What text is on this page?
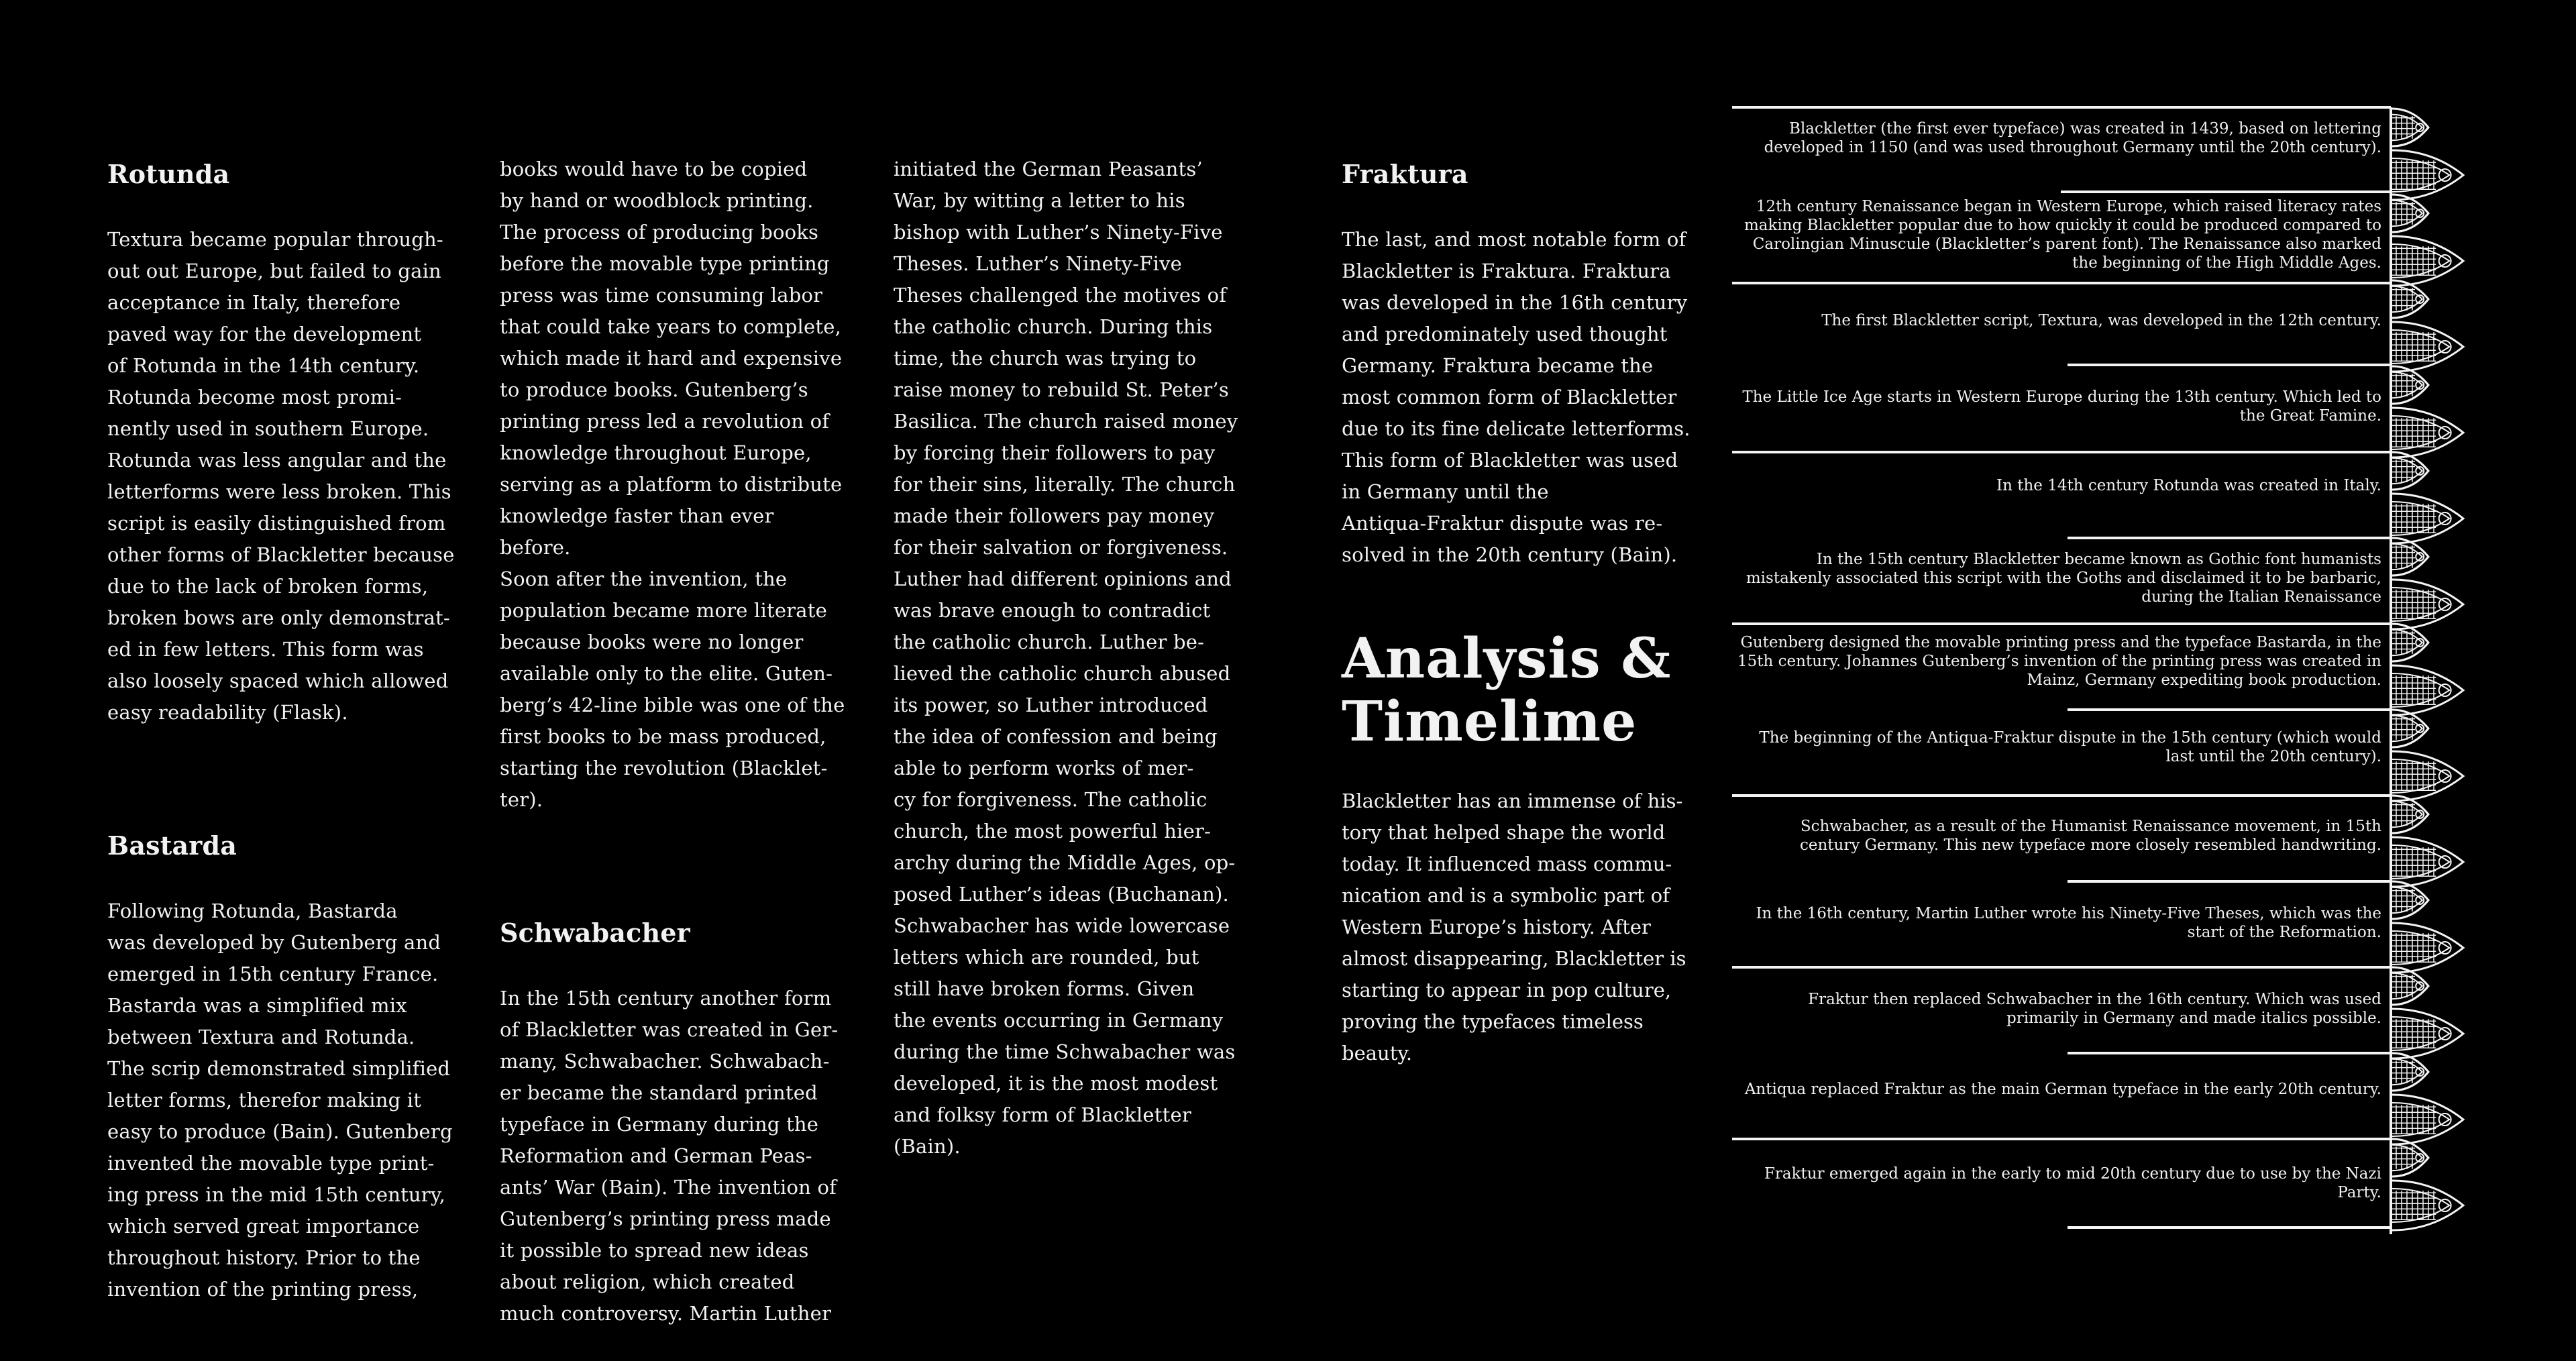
Rotunda

Textura became popular through-
out out Europe, but failed to gain
acceptance in Italy, therefore
paved way for the development
of Rotunda in the 14th century.
Rotunda become most promi-
nently used in southern Europe.
Rotunda was less angular and the
letterforms were less broken. This
script is easily distinguished from
other forms of Blackletter because
due to the lack of broken forms,
broken bows are only demonstrat-
ed in few letters. This form was
also loosely spaced which allowed
easy readability (Flask).

Bastarda

Following Rotunda, Bastarda
was developed by Gutenberg and
emerged in 15th century France.
Bastarda was a simplified mix
between Textura and Rotunda.
The scrip demonstrated simplified
letter forms, therefor making it
easy to produce (Bain). Gutenberg
invented the movable type print-
ing press in the mid 15th century,
which served great importance
throughout history. Prior to the
invention of the printing press,

books would have to be copied
by hand or woodblock printing.
The process of producing books
before the movable type printing
press was time consuming labor
that could take years to complete,
which made it hard and expensive
to produce books. Gutenberg’s
printing press led a revolution of
knowledge throughout Europe,
serving as a platform to distribute
knowledge faster than ever before.
Soon after the invention, the
population became more literate
because books were no longer
available only to the elite. Guten-
berg’s 42-line bible was one of the
first books to be mass produced,
starting the revolution (Blacklet-
ter).

Schwabacher

In the 15th century another form
of Blackletter was created in Ger-
many, Schwabacher. Schwabach-
er became the standard printed
typeface in Germany during the
Reformation and German Peas-
ants’ War (Bain). The invention of
Gutenberg’s printing press made
it possible to spread new ideas
about religion, which created
much controversy. Martin Luther

initiated the German Peasants’
War, by witting a letter to his
bishop with Luther’s Ninety-Five
Theses. Luther’s Ninety-Five
Theses challenged the motives of
the catholic church. During this
time, the church was trying to
raise money to rebuild St. Peter’s
Basilica. The church raised money
by forcing their followers to pay
for their sins, literally. The church
made their followers pay money
for their salvation or forgiveness.
Luther had different opinions and
was brave enough to contradict
the catholic church. Luther be-
lieved the catholic church abused
its power, so Luther introduced
the idea of confession and being
able to perform works of mer-
cy for forgiveness. The catholic
church, the most powerful hier-
archy during the Middle Ages, op-
posed Luther’s ideas (Buchanan).
Schwabacher has wide lowercase
letters which are rounded, but
still have broken forms. Given
the events occurring in Germany
during the time Schwabacher was
developed, it is the most modest
and folksy form of Blackletter
(Bain).

Fraktura

The last, and most notable form of
Blackletter is Fraktura. Fraktura
was developed in the 16th century
and predominately used thought
Germany. Fraktura became the
most common form of Blackletter
due to its fine delicate letterforms.
This form of Blackletter was used
in Germany until the
Antiqua-Fraktur dispute was re-
solved in the 20th century (Bain).

Analysis &
Timelime
Blackletter has an immense of his-
tory that helped shape the world
today. It influenced mass commu-
nication and is a symbolic part of
Western Europe’s history. After
almost disappearing, Blackletter is
starting to appear in pop culture,
proving the typefaces timeless
beauty.
Blackletter (the first ever typeface) was created in 1439, based on lettering developed in 1150 (and was used throughout Germany until the 20th century).
12th century Renaissance began in Western Europe, which raised literacy rates making Blackletter popular due to how quickly it could be produced compared to Carolingian Minuscule (Blackletter’s parent font). The Renaissance also marked the beginning of the High Middle Ages.
The first Blackletter script, Textura, was developed in the 12th century.
The Little Ice Age starts in Western Europe during the 13th century. Which led to the Great Famine.
In the 14th century Rotunda was created in Italy.
In the 15th century Blackletter became known as Gothic font humanists mistakenly associated this script with the Goths and disclaimed it to be barbaric, during the Italian Renaissance
Gutenberg designed the movable printing press and the typeface Bastarda, in the 15th century. Johannes Gutenberg’s invention of the printing press was created in Mainz, Germany expediting book production.
The beginning of the Antiqua-Fraktur dispute in the 15th century (which would last until the 20th century).
Schwabacher, as a result of the Humanist Renaissance movement, in 15th century Germany. This new typeface more closely resembled handwriting.
In the 16th century, Martin Luther wrote his Ninety-Five Theses, which was the start of the Reformation.
Fraktur then replaced Schwabacher in the 16th century. Which was used primarily in Germany and made italics possible.
Antiqua replaced Fraktur as the main German typeface in the early 20th century.
Fraktur emerged again in the early to mid 20th century due to use by the Nazi Party.
